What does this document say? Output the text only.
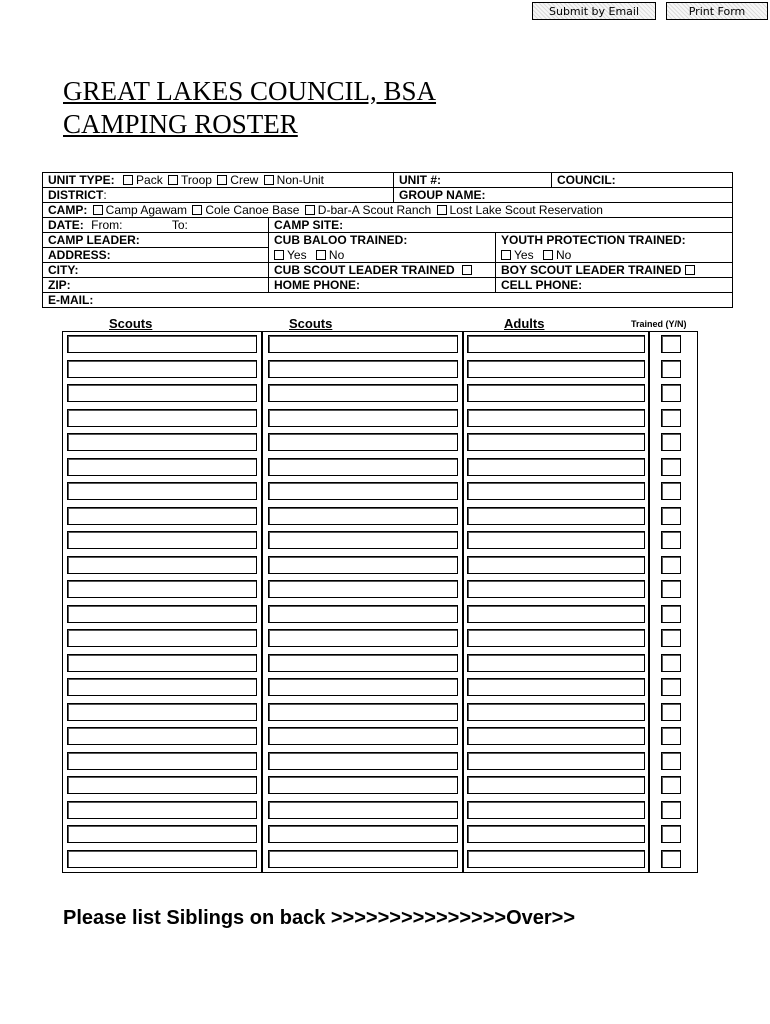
Submit by Email	Print Form
GREAT LAKES COUNCIL, BSA
CAMPING ROSTER
UNIT TYPE: Pack Troop Crew Non-Unit		UNIT #:		COUNCIL:
DISTRICT:		GROUP NAME:		
CAMP: Camp Agawam Cole Canoe Base D-bar-A Scout Ranch Lost Lake Scout Reservation				
DATE: From: To:	CAMP SITE:			
CAMP LEADER:	CUB BALOO TRAINED:		YOUTH PROTECTION TRAINED:	
ADDRESS:	Yes No		Yes No	
CITY:	CUB SCOUT LEADER TRAINED		BOY SCOUT LEADER TRAINED	
ZIP:	HOME PHONE:		CELL PHONE:	
E-MAIL:				
Scouts	Scouts	Adults	Trained (Y/N)
Please list Siblings on back >>>>>>>>>>>>>>>Over>>
